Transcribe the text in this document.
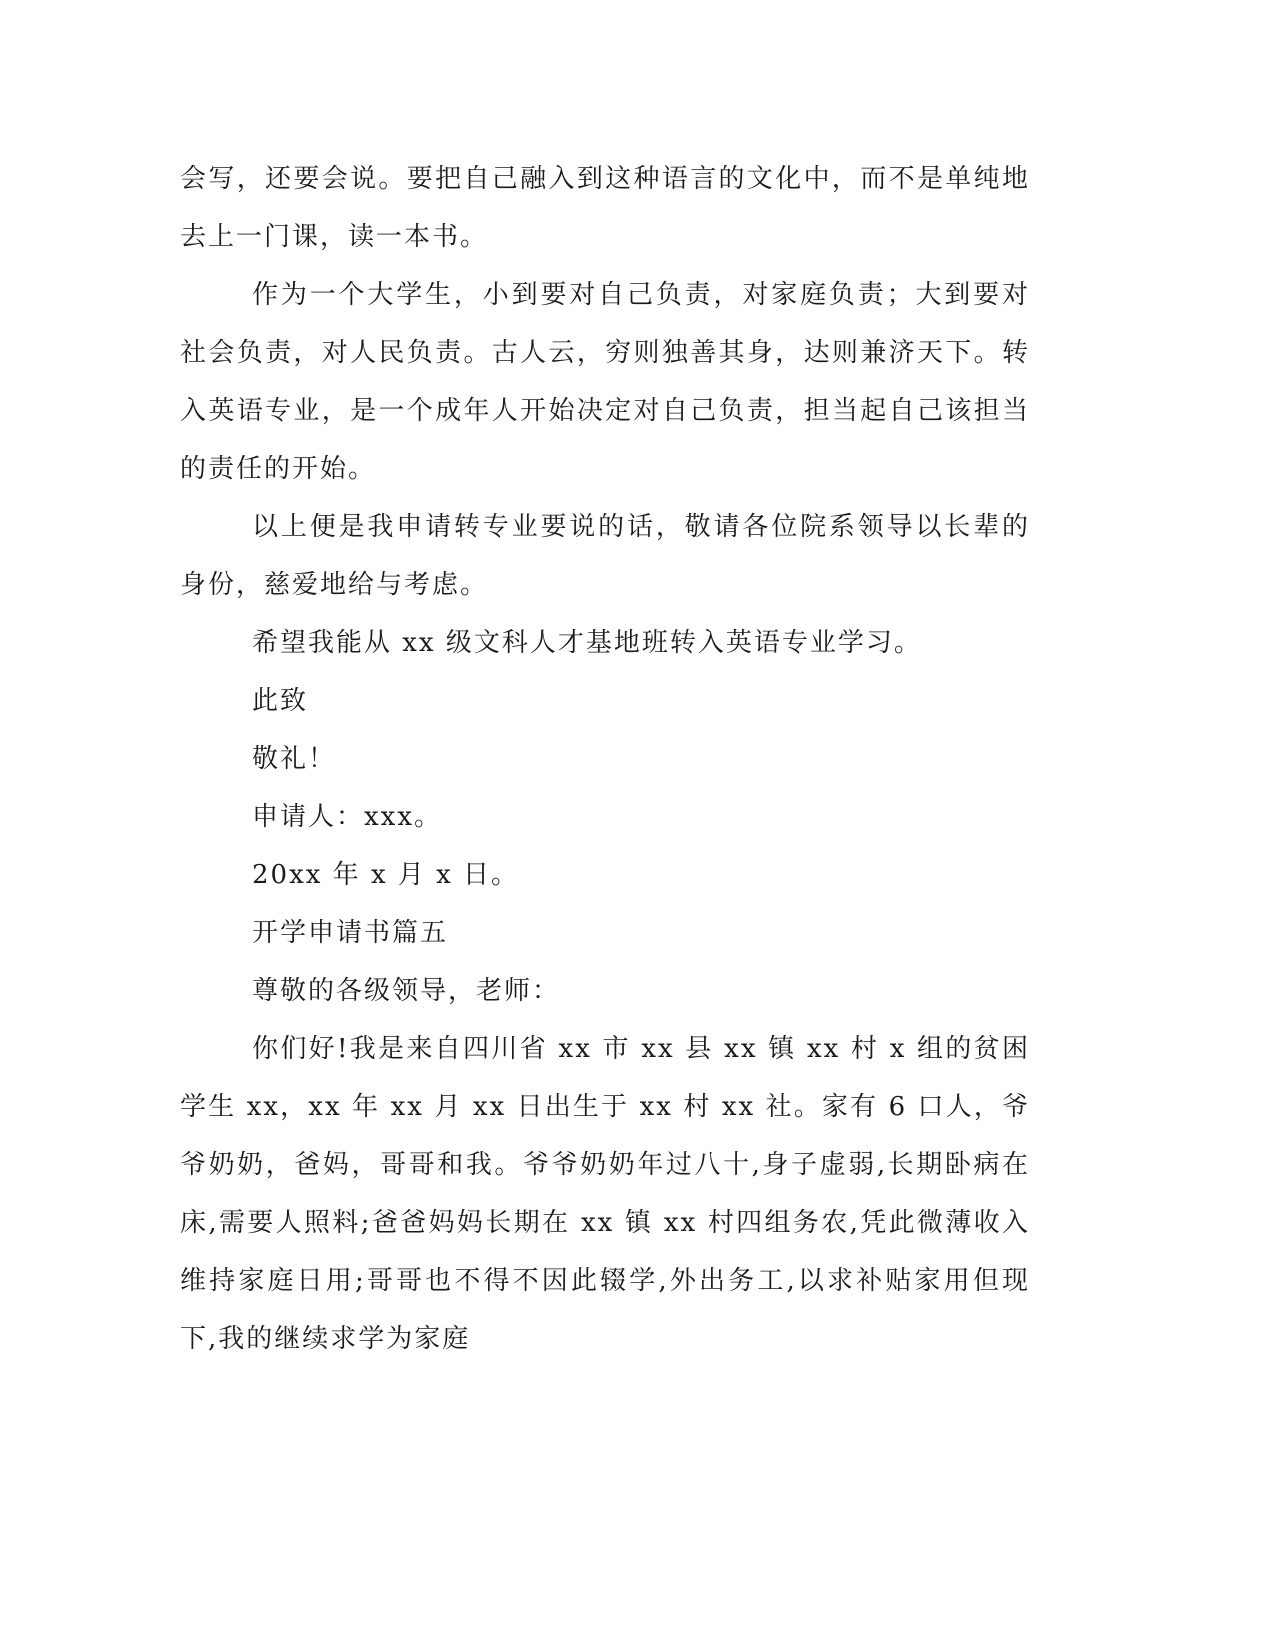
会写，还要会说。要把自己融入到这种语言的文化中，而不是单纯地去上一门课，读一本书。

作为一个大学生，小到要对自己负责，对家庭负责；大到要对社会负责，对人民负责。古人云，穷则独善其身，达则兼济天下。转入英语专业，是一个成年人开始决定对自己负责，担当起自己该担当的责任的开始。

以上便是我申请转专业要说的话，敬请各位院系领导以长辈的身份，慈爱地给与考虑。

希望我能从 xx 级文科人才基地班转入英语专业学习。

此致

敬礼！

申请人：xxx。

20xx 年 x 月 x 日。

开学申请书篇五

尊敬的各级领导，老师：

你们好!我是来自四川省 xx 市 xx 县 xx 镇 xx 村 x 组的贫困学生 xx，xx 年 xx 月 xx 日出生于 xx 村 xx 社。家有 6 口人，爷爷奶奶，爸妈，哥哥和我。爷爷奶奶年过八十,身子虚弱,长期卧病在床,需要人照料;爸爸妈妈长期在 xx 镇 xx 村四组务农,凭此微薄收入维持家庭日用;哥哥也不得不因此辍学,外出务工,以求补贴家用但现下,我的继续求学为家庭
